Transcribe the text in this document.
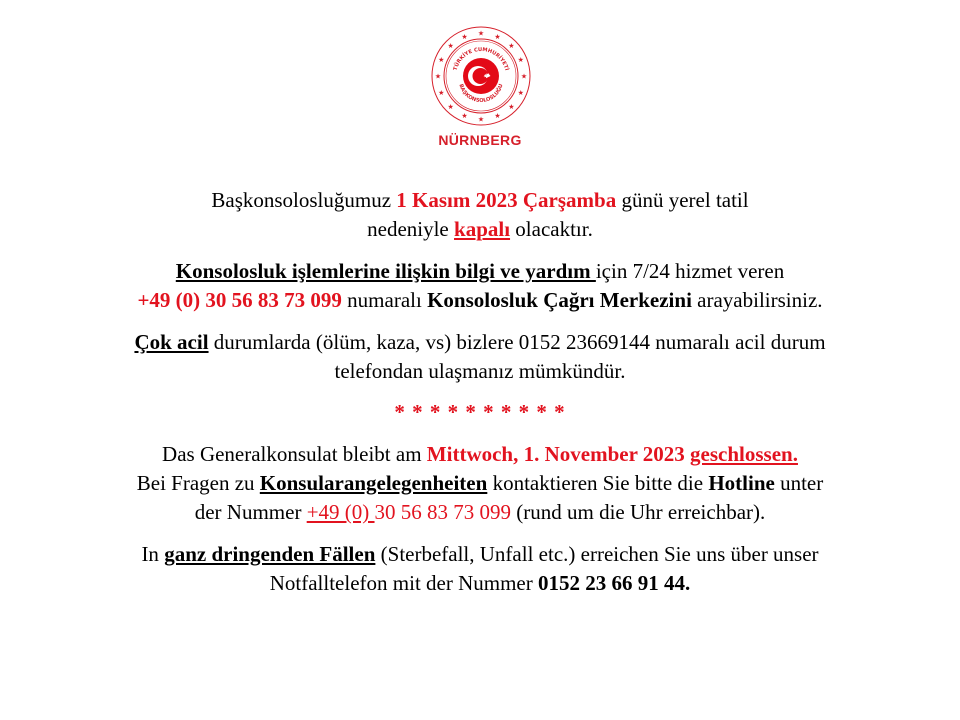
★ ★
★
★
★
★
★
★
★
★
★
★
★
★
★
★
TÜRKİYE CUMHURİYETİ
BAŞKONSOLOSLUĞU
NÜRNBERG

Başkonsolosluğumuz 1 Kasım 2023 Çarşamba günü yerel tatil
nedeniyle kapalı olacaktır.

Konsolosluk işlemlerine ilişkin bilgi ve yardım için 7/24 hizmet veren
+49 (0) 30 56 83 73 099 numaralı Konsolosluk Çağrı Merkezini arayabilirsiniz.

Çok acil durumlarda (ölüm, kaza, vs) bizlere 0152 23669144 numaralı acil durum
telefondan ulaşmanız mümkündür.

* * * * * * * * * *

Das Generalkonsulat bleibt am Mittwoch, 1. November 2023 geschlossen.
Bei Fragen zu Konsularangelegenheiten kontaktieren Sie bitte die Hotline unter
der Nummer +49 (0) 30 56 83 73 099 (rund um die Uhr erreichbar).

In ganz dringenden Fällen (Sterbefall, Unfall etc.) erreichen Sie uns über unser
Notfalltelefon mit der Nummer 0152 23 66 91 44.
